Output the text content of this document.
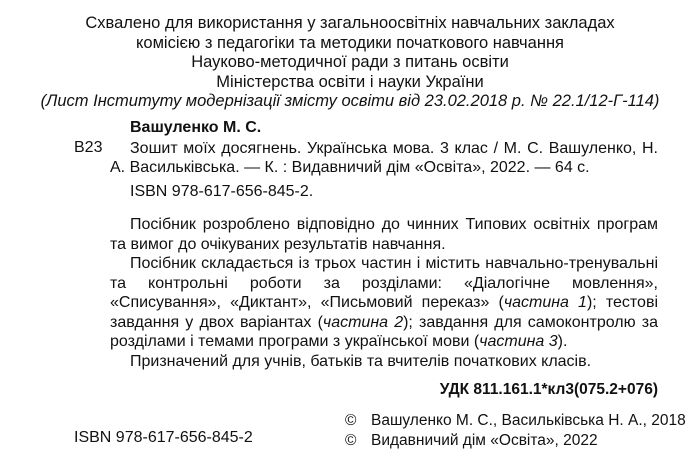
Схвалено для використання у загальноосвітніх навчальних закладах
комісією з педагогіки та методики початкового навчання
Науково-методичної ради з питань освіти
Міністерства освіти і науки України
(Лист Інституту модернізації змісту освіти від 23.02.2018 р. № 22.1/12-Г-114)
Вашуленко М. С.
В23	Зошит моїх досягнень. Українська мова. 3 клас / М. С. Вашуленко, Н. А. Васильківська. — К. : Видавничий дім «Освіта», 2022. — 64 с.
ISBN 978-617-656-845-2.

Посібник розроблено відповідно до чинних Типових освітніх програм та вимог до очікуваних результатів навчання.

Посібник складається із трьох частин і містить навчально-тренувальні та контрольні роботи за розділами: «Діалогічне мовлення», «Списування», «Диктант», «Письмовий переказ» (частина 1); тестові завдання у двох варіантах (частина 2); завдання для самоконтролю за розділами і темами програми з української мови (частина 3).

Призначений для учнів, батьків та вчителів початкових класів.

УДК 811.161.1*кл3(075.2+076)
© Вашуленко М. С., Васильківська Н. А., 2018
© Видавничий дім «Освіта», 2022
ISBN 978-617-656-845-2
